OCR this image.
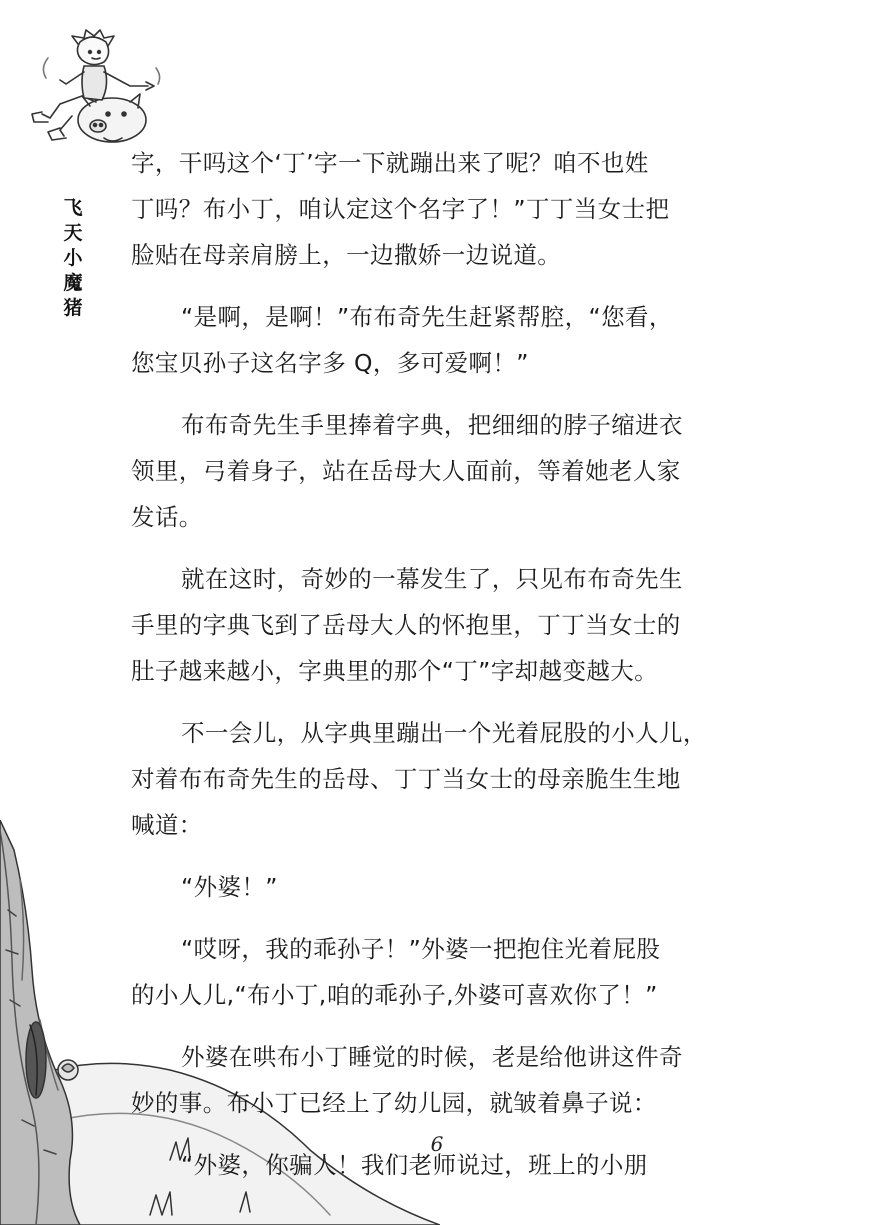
飞
天
小
魔
猪
字，干吗这个‘丁’字一下就蹦出来了呢？咱不也姓
丁吗？布小丁，咱认定这个名字了！”丁丁当女士把
脸贴在母亲肩膀上，一边撒娇一边说道。
“是啊，是啊！”布布奇先生赶紧帮腔，“您看，
您宝贝孙子这名字多 Q，多可爱啊！”
布布奇先生手里捧着字典，把细细的脖子缩进衣
领里，弓着身子，站在岳母大人面前，等着她老人家
发话。
就在这时，奇妙的一幕发生了，只见布布奇先生
手里的字典飞到了岳母大人的怀抱里，丁丁当女士的
肚子越来越小，字典里的那个“丁”字却越变越大。
不一会儿，从字典里蹦出一个光着屁股的小人儿，
对着布布奇先生的岳母、丁丁当女士的母亲脆生生地
喊道：
“外婆！”
“哎呀，我的乖孙子！”外婆一把抱住光着屁股
的小人儿,“布小丁,咱的乖孙子,外婆可喜欢你了！”
外婆在哄布小丁睡觉的时候，老是给他讲这件奇
妙的事。布小丁已经上了幼儿园，就皱着鼻子说：
“外婆，你骗人！我们老师说过，班上的小朋
6
